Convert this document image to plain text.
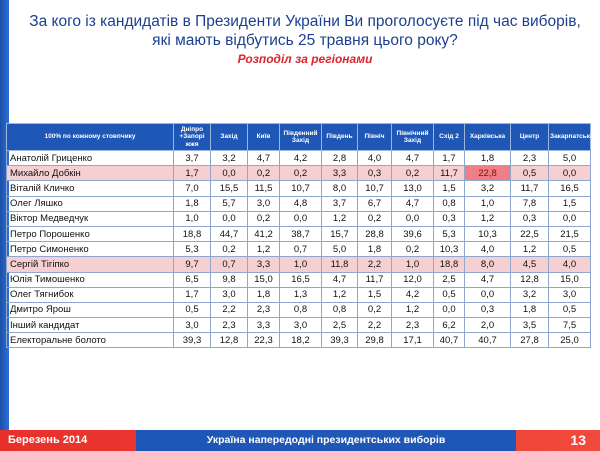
За кого із кандидатів в Президенти України Ви проголосуєте під час виборів, які мають відбутись 25 травня цього року?
Розподіл за регіонами
100% по кожному стовпчику	Дніпро +Запорі жжя	Захід	Київ	Південний Захід	Південь	Північ	Північний Захід	Схід 2	Харківська	Центр	Закарпатська
Анатолій Гриценко	3,7	3,2	4,7	4,2	2,8	4,0	4,7	1,7	1,8	2,3	5,0
Михайло Добкін	1,7	0,0	0,2	0,2	3,3	0,3	0,2	11,7	22,8	0,5	0,0
Віталій Кличко	7,0	15,5	11,5	10,7	8,0	10,7	13,0	1,5	3,2	11,7	16,5
Олег Ляшко	1,8	5,7	3,0	4,8	3,7	6,7	4,7	0,8	1,0	7,8	1,5
Віктор Медведчук	1,0	0,0	0,2	0,0	1,2	0,2	0,0	0,3	1,2	0,3	0,0
Петро Порошенко	18,8	44,7	41,2	38,7	15,7	28,8	39,6	5,3	10,3	22,5	21,5
Петро Симоненко	5,3	0,2	1,2	0,7	5,0	1,8	0,2	10,3	4,0	1,2	0,5
Сергій Тігіпко	9,7	0,7	3,3	1,0	11,8	2,2	1,0	18,8	8,0	4,5	4,0
Юлія Тимошенко	6,5	9,8	15,0	16,5	4,7	11,7	12,0	2,5	4,7	12,8	15,0
Олег Тягнибок	1,7	3,0	1,8	1,3	1,2	1,5	4,2	0,5	0,0	3,2	3,0
Дмитро Ярош	0,5	2,2	2,3	0,8	0,8	0,2	1,2	0,0	0,3	1,8	0,5
Інший кандидат	3,0	2,3	3,3	3,0	2,5	2,2	2,3	6,2	2,0	3,5	7,5
Електоральне болото	39,3	12,8	22,3	18,2	39,3	29,8	17,1	40,7	40,7	27,8	25,0
Березень 2014	Україна напередодні президентських виборів	13
